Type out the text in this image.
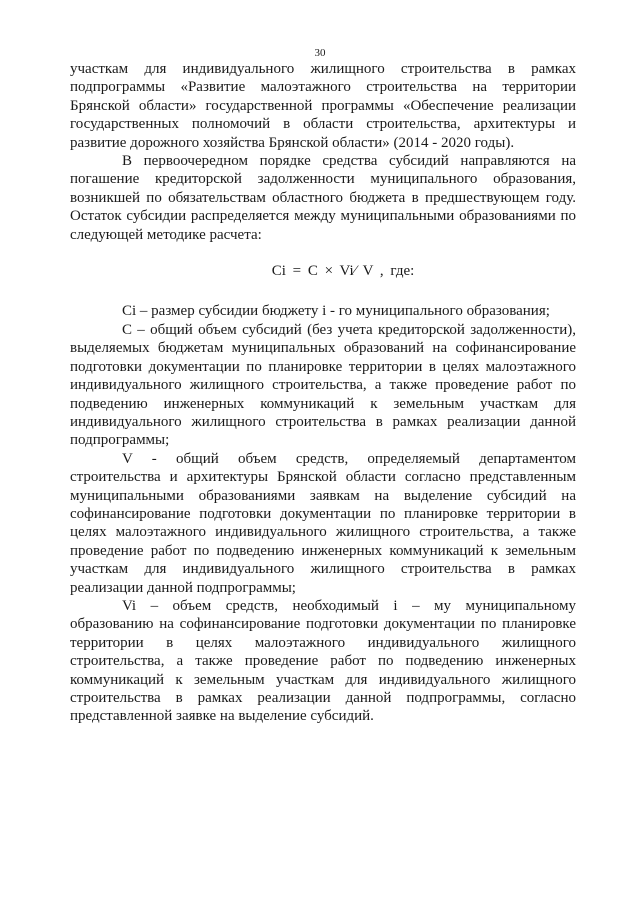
30

участкам для индивидуального жилищного строительства в рамках подпрограммы «Развитие малоэтажного строительства на территории Брянской области» государственной программы «Обеспечение реализации государственных полномочий в области строительства, архитектуры и развитие дорожного хозяйства Брянской области» (2014 - 2020 годы).

В первоочередном порядке средства субсидий направляются на погашение кредиторской задолженности муниципального образования, возникшей по обязательствам областного бюджета в предшествующем году. Остаток субсидии распределяется между муниципальными образованиями по следующей методике расчета:

Ci = C × Vi⁄ V , где:

Ci – размер субсидии бюджету i - го муниципального образования;

С – общий объем субсидий (без учета кредиторской задолженности), выделяемых бюджетам муниципальных образований на софинансирование подготовки документации по планировке территории в целях малоэтажного индивидуального жилищного строительства, а также проведение работ по подведению инженерных коммуникаций к земельным участкам для индивидуального жилищного строительства в рамках реализации данной подпрограммы;

V - общий объем средств, определяемый департаментом строительства и архитектуры Брянской области согласно представленным муниципальными образованиями заявкам на выделение субсидий на софинансирование подготовки документации по планировке территории в целях малоэтажного индивидуального жилищного строительства, а также проведение работ по подведению инженерных коммуникаций к земельным участкам для индивидуального жилищного строительства в рамках реализации данной подпрограммы;

Vi – объем средств, необходимый i – му муниципальному образованию на софинансирование подготовки документации по планировке территории в целях малоэтажного индивидуального жилищного строительства, а также проведение работ по подведению инженерных коммуникаций к земельным участкам для индивидуального жилищного строительства в рамках реализации данной подпрограммы, согласно представленной заявке на выделение субсидий.
